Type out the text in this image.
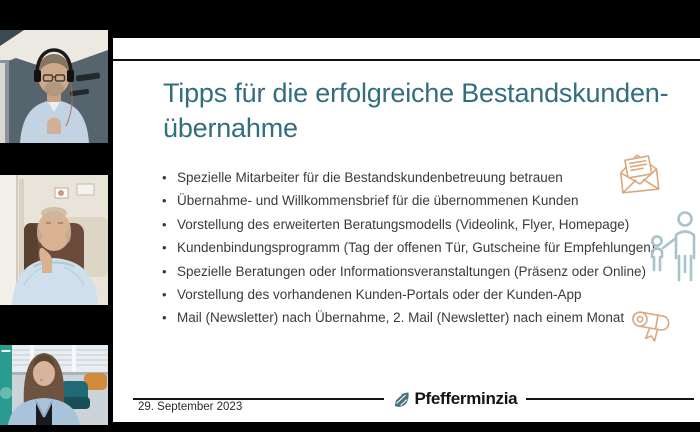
Tipps für die erfolgreiche Bestandskunden-
übernahme
• Spezielle Mitarbeiter für die Bestandskundenbetreuung betrauen
• Übernahme- und Willkommensbrief für die übernommenen Kunden
• Vorstellung des erweiterten Beratungsmodells (Videolink, Flyer, Homepage)
• Kundenbindungsprogramm (Tag der offenen Tür, Gutscheine für Empfehlungen)
• Spezielle Beratungen oder Informationsveranstaltungen (Präsenz oder Online)
• Vorstellung des vorhandenen Kunden-Portals oder der Kunden-App
• Mail (Newsletter) nach Übernahme, 2. Mail (Newsletter) nach einem Monat
Pfefferminzia
29. September 2023
